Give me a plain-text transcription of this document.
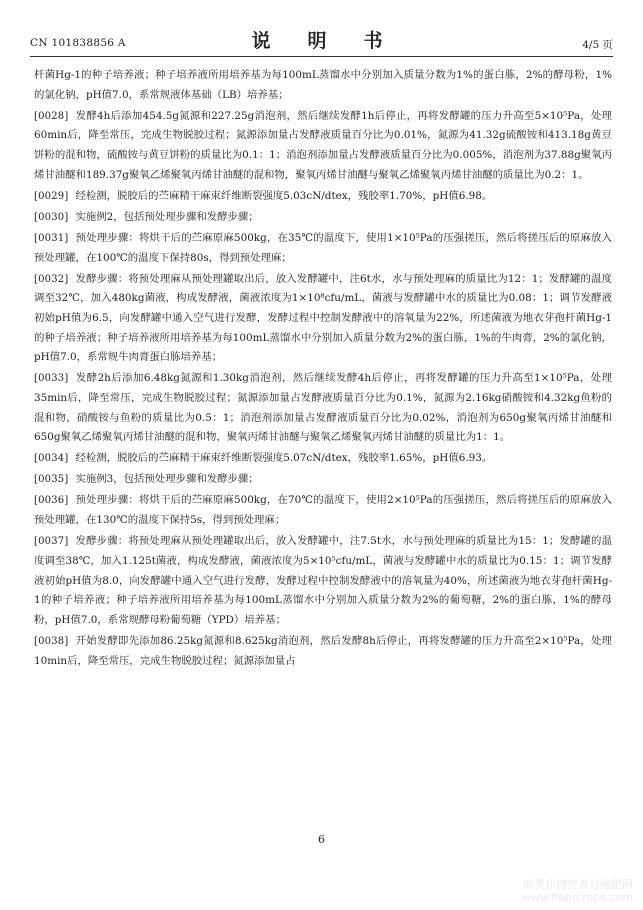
CN 101838856 A	说　明　书	4/5 页

杆菌Hg-1的种子培养液；种子培养液所用培养基为每100mL蒸馏水中分别加入质量分数为1%的蛋白胨，2%的酵母粉，1%的氯化钠，pH值7.0，系常规液体基础（LB）培养基；

[0028] 发酵4h后添加454.5g氮源和227.25g消泡剂，然后继续发酵1h后停止，再将发酵罐的压力升高至5×10⁵Pa，处理60min后，降至常压，完成生物脱胶过程；氮源添加量占发酵液质量百分比为0.01%，氮源为41.32g硫酸铵和413.18g黄豆饼粉的混和物，硫酸铵与黄豆饼粉的质量比为0.1：1；消泡剂添加量占发酵液质量百分比为0.005%，消泡剂为37.88g聚氧丙烯甘油醚和189.37g聚氧乙烯聚氧丙烯甘油醚的混和物，聚氧丙烯甘油醚与聚氧乙烯聚氧丙烯甘油醚的质量比为0.2：1。

[0029] 经检测，脱胶后的苎麻精干麻束纤维断裂强度5.03cN/dtex，残胶率1.70%，pH值6.98。

[0030] 实施例2，包括预处理步骤和发酵步骤；

[0031] 预处理步骤：将烘干后的苎麻原麻500kg，在35℃的温度下，使用1×10⁵Pa的压强搓压，然后将搓压后的原麻放入预处理罐，在100℃的温度下保持80s，得到预处理麻；

[0032] 发酵步骤：将预处理麻从预处理罐取出后，放入发酵罐中，注6t水，水与预处理麻的质量比为12：1；发酵罐的温度调至32℃，加入480kg菌液，构成发酵液，菌液浓度为1×10⁸cfu/mL，菌液与发酵罐中水的质量比为0.08：1；调节发酵液初始pH值为6.5，向发酵罐中通入空气进行发酵，发酵过程中控制发酵液中的溶氧量为22%，所述菌液为地衣芽孢杆菌Hg-1的种子培养液；种子培养液所用培养基为每100mL蒸馏水中分别加入质量分数为2%的蛋白胨，1%的牛肉膏，2%的氯化钠，pH值7.0，系常规牛肉膏蛋白胨培养基；

[0033] 发酵2h后添加6.48kg氮源和1.30kg消泡剂，然后继续发酵4h后停止，再将发酵罐的压力升高至1×10⁵Pa，处理35min后，降至常压，完成生物脱胶过程；氮源添加量占发酵液质量百分比为0.1%，氮源为2.16kg硝酸铵和4.32kg鱼粉的混和物，硝酸铵与鱼粉的质量比为0.5：1；消泡剂添加量占发酵液质量百分比为0.02%，消泡剂为650g聚氧丙烯甘油醚和650g聚氧乙烯聚氧丙烯甘油醚的混和物，聚氧丙烯甘油醚与聚氧乙烯聚氧丙烯甘油醚的质量比为1：1。

[0034] 经检测，脱胶后的苎麻精干麻束纤维断裂强度5.07cN/dtex，残胶率1.65%，pH值6.93。

[0035] 实施例3，包括预处理步骤和发酵步骤；

[0036] 预处理步骤：将烘干后的苎麻原麻500kg，在70℃的温度下，使用2×10⁵Pa的压强搓压，然后将搓压后的原麻放入预处理罐，在130℃的温度下保持5s，得到预处理麻；

[0037] 发酵步骤：将预处理麻从预处理罐取出后，放入发酵罐中，注7.5t水，水与预处理麻的质量比为15：1；发酵罐的温度调至38℃，加入1.125t菌液，构成发酵液，菌液浓度为5×10⁵cfu/mL，菌液与发酵罐中水的质量比为0.15：1；调节发酵液初始pH值为8.0，向发酵罐中通入空气进行发酵，发酵过程中控制发酵液中的溶氧量为40%，所述菌液为地衣芽孢杆菌Hg-1的种子培养液；种子培养液所用培养基为每100mL蒸馏水中分别加入质量分数为2%的葡萄糖，2%的蛋白胨，1%的酵母粉，pH值7.0，系常规酵母粉葡萄糖（YPD）培养基；

[0038] 开始发酵即先添加86.25kg氮源和8.625kg消泡剂，然后发酵8h后停止，再将发酵罐的压力升高至2×10⁵Pa，处理10min后，降至常压，完成生物脱胶过程；氮源添加量占

6
麻类作物营养与施肥网
www.fibercrops.com
